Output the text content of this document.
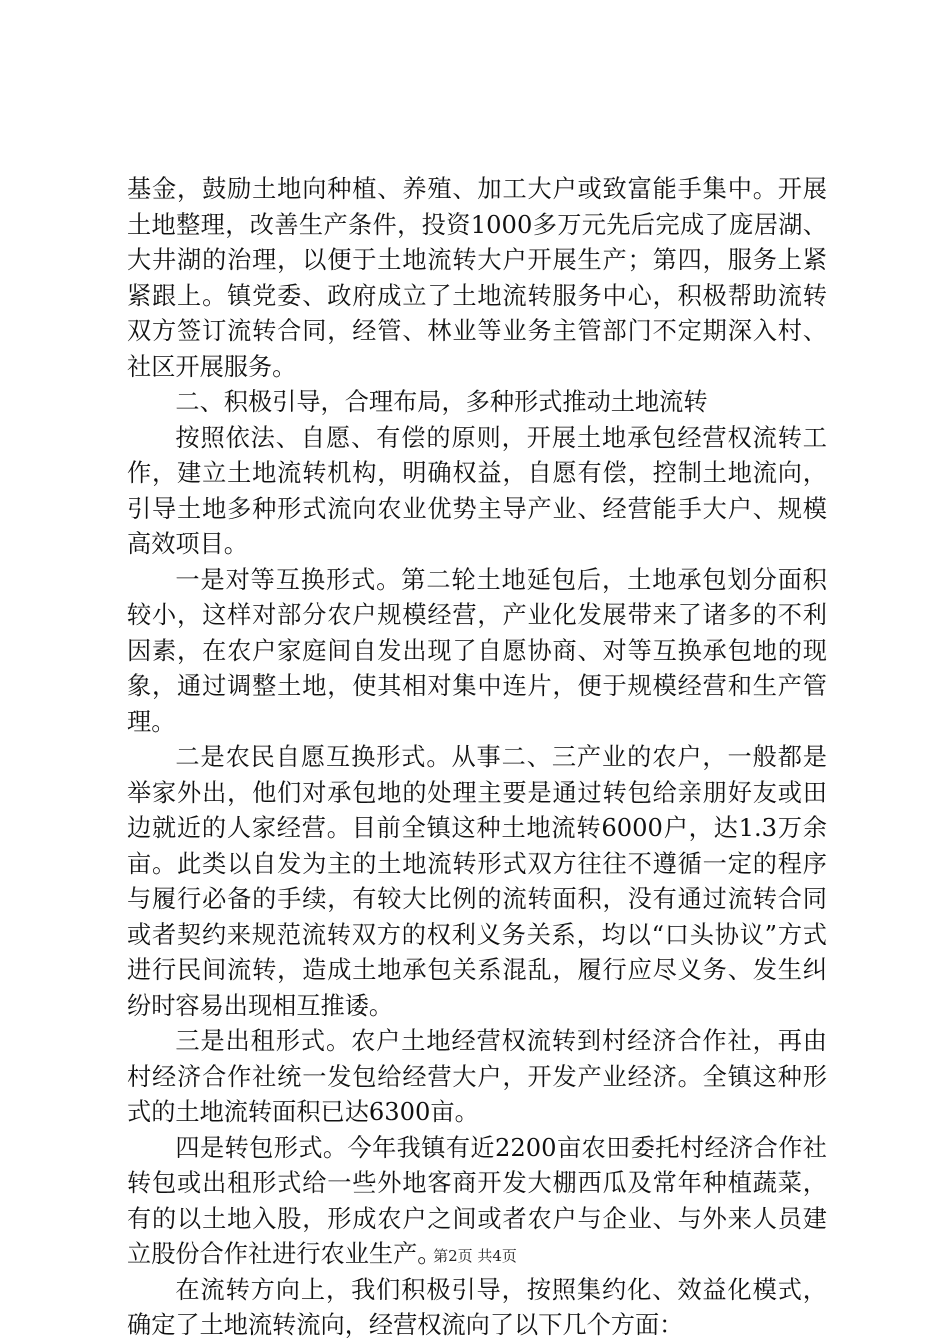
基金，鼓励土地向种植、养殖、加工大户或致富能手集中。开展土地整理，改善生产条件，投资1000多万元先后完成了庞居湖、大井湖的治理，以便于土地流转大户开展生产；第四，服务上紧紧跟上。镇党委、政府成立了土地流转服务中心，积极帮助流转双方签订流转合同，经管、林业等业务主管部门不定期深入村、社区开展服务。

二、积极引导，合理布局，多种形式推动土地流转

按照依法、自愿、有偿的原则，开展土地承包经营权流转工作，建立土地流转机构，明确权益，自愿有偿，控制土地流向，引导土地多种形式流向农业优势主导产业、经营能手大户、规模高效项目。

一是对等互换形式。第二轮土地延包后，土地承包划分面积较小，这样对部分农户规模经营，产业化发展带来了诸多的不利因素，在农户家庭间自发出现了自愿协商、对等互换承包地的现象，通过调整土地，使其相对集中连片，便于规模经营和生产管理。

二是农民自愿互换形式。从事二、三产业的农户，一般都是举家外出，他们对承包地的处理主要是通过转包给亲朋好友或田边就近的人家经营。目前全镇这种土地流转6000户，达1.3万余亩。此类以自发为主的土地流转形式双方往往不遵循一定的程序与履行必备的手续，有较大比例的流转面积，没有通过流转合同或者契约来规范流转双方的权利义务关系，均以“口头协议”方式进行民间流转，造成土地承包关系混乱，履行应尽义务、发生纠纷时容易出现相互推诿。

三是出租形式。农户土地经营权流转到村经济合作社，再由村经济合作社统一发包给经营大户，开发产业经济。全镇这种形式的土地流转面积已达6300亩。

四是转包形式。今年我镇有近2200亩农田委托村经济合作社转包或出租形式给一些外地客商开发大棚西瓜及常年种植蔬菜，有的以土地入股，形成农户之间或者农户与企业、与外来人员建立股份合作社进行农业生产。

在流转方向上，我们积极引导，按照集约化、效益化模式，确定了土地流转流向，经营权流向了以下几个方面：

第2页 共4页
